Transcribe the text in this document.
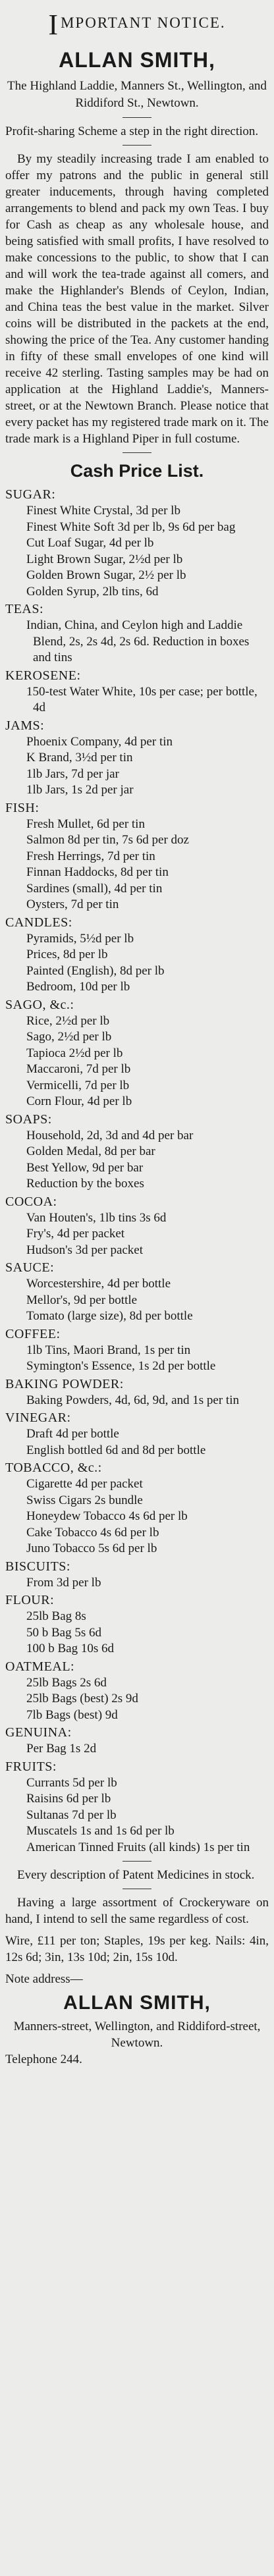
IMPORTANT NOTICE.
ALLAN SMITH,
The Highland Laddie, Manners St., Wellington, and Riddiford St., Newtown.
Profit-sharing Scheme a step in the right direction.
By my steadily increasing trade I am enabled to offer my patrons and the public in general still greater inducements, through having completed arrangements to blend and pack my own Teas. I buy for Cash as cheap as any wholesale house, and being satisfied with small profits, I have resolved to make concessions to the public, to show that I can and will work the tea-trade against all comers, and make the Highlander's Blends of Ceylon, Indian, and China teas the best value in the market. Silver coins will be distributed in the packets at the end, showing the price of the Tea. Any customer handing in fifty of these small envelopes of one kind will receive 42 sterling. Tasting samples may be had on application at the Highland Laddie's, Manners-street, or at the Newtown Branch. Please notice that every packet has my registered trade mark on it. The trade mark is a Highland Piper in full costume.
Cash Price List.
SUGAR:
Finest White Crystal, 3d per lb
Finest White Soft 3d per lb, 9s 6d per bag
Cut Loaf Sugar, 4d per lb
Light Brown Sugar, 2½d per lb
Golden Brown Sugar, 2½ per lb
Golden Syrup, 2lb tins, 6d
TEAS:
Indian, China, and Ceylon high and Laddie Blend, 2s, 2s 4d, 2s 6d. Reduction in boxes and tins
KEROSENE:
150-test Water White, 10s per case; per bottle, 4d
JAMS:
Phoenix Company, 4d per tin
K Brand, 3½d per tin
1lb Jars, 7d per jar
1lb Jars, 1s 2d per jar
FISH:
Fresh Mullet, 6d per tin
Salmon 8d per tin, 7s 6d per doz
Fresh Herrings, 7d per tin
Finnan Haddocks, 8d per tin
Sardines (small), 4d per tin
Oysters, 7d per tin
CANDLES:
Pyramids, 5½d per lb
Prices, 8d per lb
Painted (English), 8d per lb
Bedroom, 10d per lb
SAGO, &c.:
Rice, 2½d per lb
Sago, 2½d per lb
Tapioca 2½d per lb
Maccaroni, 7d per lb
Vermicelli, 7d per lb
Corn Flour, 4d per lb
SOAPS:
Household, 2d, 3d and 4d per bar
Golden Medal, 8d per bar
Best Yellow, 9d per bar
Reduction by the boxes
COCOA:
Van Houten's, 1lb tins 3s 6d
Fry's, 4d per packet
Hudson's 3d per packet
SAUCE:
Worcestershire, 4d per bottle
Mellor's, 9d per bottle
Tomato (large size), 8d per bottle
COFFEE:
1lb Tins, Maori Brand, 1s per tin
Symington's Essence, 1s 2d per bottle
BAKING POWDER:
Baking Powders, 4d, 6d, 9d, and 1s per tin
VINEGAR:
Draft 4d per bottle
English bottled 6d and 8d per bottle
TOBACCO, &c.:
Cigarette 4d per packet
Swiss Cigars 2s bundle
Honeydew Tobacco 4s 6d per lb
Cake Tobacco 4s 6d per lb
Juno Tobacco 5s 6d per lb
BISCUITS:
From 3d per lb
FLOUR:
25lb Bag 8s
50 b Bag 5s 6d
100 b Bag 10s 6d
OATMEAL:
25lb Bags 2s 6d
25lb Bags (best) 2s 9d
7lb Bags (best) 9d
GENUINA:
Per Bag 1s 2d
FRUITS:
Currants 5d per lb
Raisins 6d per lb
Sultanas 7d per lb
Muscatels 1s and 1s 6d per lb
American Tinned Fruits (all kinds) 1s per tin
Every description of Patent Medicines in stock.
Having a large assortment of Crockeryware on hand, I intend to sell the same regardless of cost.
Wire, £11 per ton; Staples, 19s per keg. Nails: 4in, 12s 6d; 3in, 13s 10d; 2in, 15s 10d.
Note address—
ALLAN SMITH,
Manners-street, Wellington, and Riddiford-street, Newtown.
Telephone 244.
